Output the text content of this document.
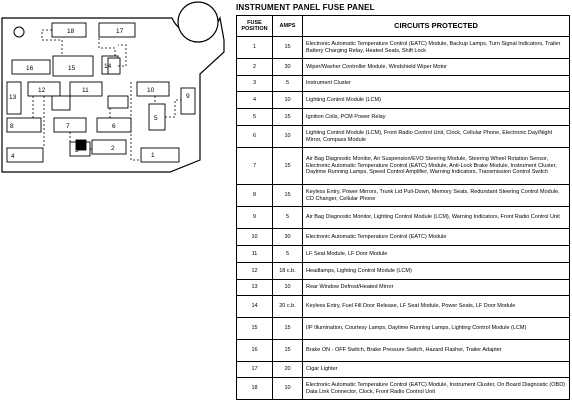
1
2
3
4
5
6
7
8
9
10
11
12
13
14
15
16
17
18
INSTRUMENT PANEL FUSE PANEL
FUSE POSITION	AMPS	CIRCUITS PROTECTED
1	15	Electronic Automatic Temperature Control (EATC) Module, Backup Lamps, Turn Signal Indicators, Trailer Battery Charging Relay, Heated Seats, Shift Lock
2	30	Wiper/Washer Controller Module, Windshield Wiper Motor
3	5	Instrument Cluster
4	10	Lighting Control Module (LCM)
5	15	Ignition Coils, PCM Power Relay
6	10	Lighting Control Module (LCM), Front Radio Control Unit, Clock, Cellular Phone, Electronic Day/Night Mirror, Compass Module
7	15	Air Bag Diagnostic Monitor, Air Suspension/EVO Steering Module, Steering Wheel Rotation Sensor, Electronic Automatic Temperature Control (EATC) Module, Anti-Lock Brake Module, Instrument Cluster, Daytime Running Lamps, Speed Control Amplifier, Warning Indicators, Transmission Control Switch
8	15	Keyless Entry, Power Mirrors, Trunk Lid Pull-Down, Memory Seats, Redundant Steering Control Module, CD Changer, Cellular Phone
9	5	Air Bag Diagnostic Monitor, Lighting Control Module (LCM), Warning Indicators, Front Radio Control Unit
10	30	Electronic Automatic Temperature Control (EATC) Module
11	5	LF Seat Module, LF Door Module
12	18 c.b.	Headlamps, Lighting Control Module (LCM)
13	10	Rear Window Defrost/Heated Mirror
14	20 c.b.	Keyless Entry, Fuel Fill Door Release, LF Seat Module, Power Seats, LF Door Module
15	15	I/P Illumination, Courtesy Lamps, Daytime Running Lamps, Lighting Control Module (LCM)
16	15	Brake ON - OFF Switch, Brake Pressure Switch, Hazard Flasher, Trailer Adapter
17	20	Cigar Lighter
18	10	Electronic Automatic Temperature Control (EATC) Module, Instrument Cluster, On Board Diagnostic (OBD) Data Link Connector, Clock, Front Radio Control Unit
